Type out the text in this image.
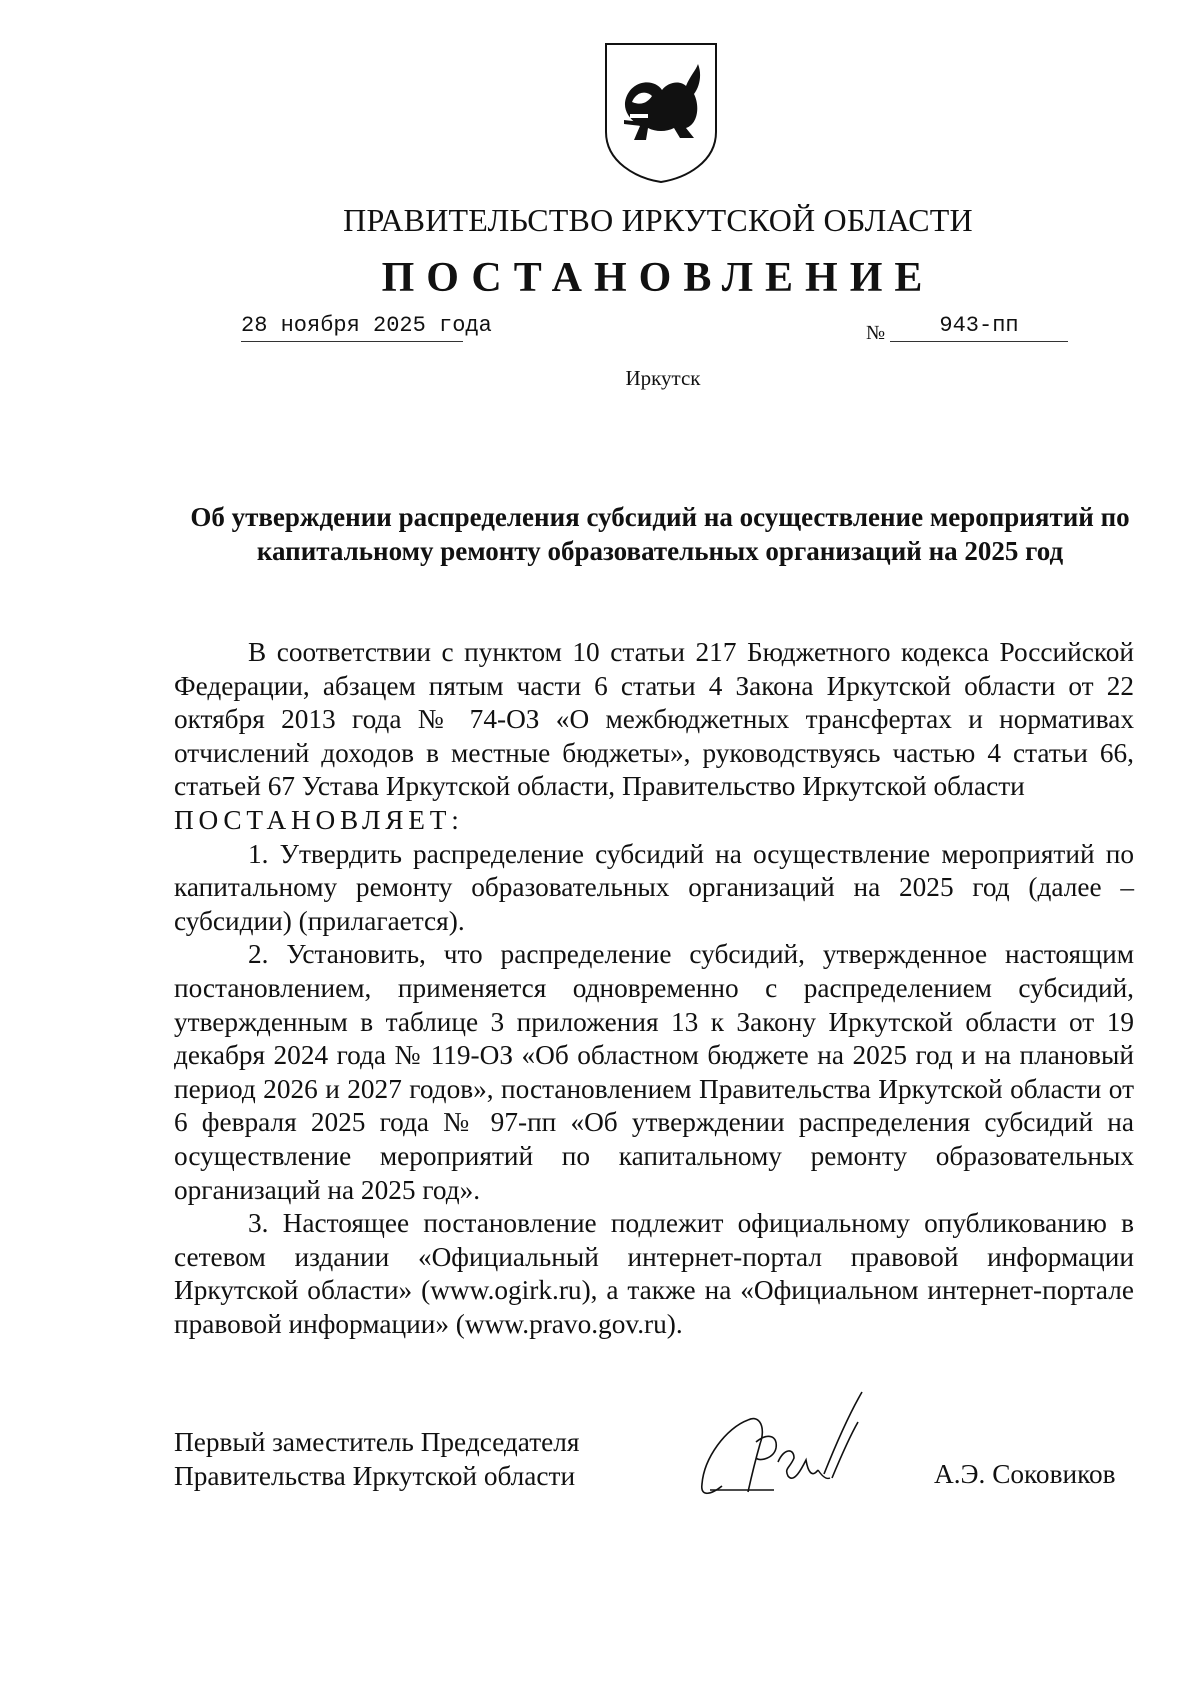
ПРАВИТЕЛЬСТВО ИРКУТСКОЙ ОБЛАСТИ
ПОСТАНОВЛЕНИЕ
28 ноября 2025 года	№	943-пп
Иркутск
Об утверждении распределения субсидий на осуществление мероприятий по капитальному ремонту образовательных организаций на 2025 год

В соответствии с пунктом 10 статьи 217 Бюджетного кодекса Российской Федерации, абзацем пятым части 6 статьи 4 Закона Иркутской области от 22 октября 2013 года № 74-ОЗ «О межбюджетных трансфертах и нормативах отчислений доходов в местные бюджеты», руководствуясь частью 4 статьи 66, статьей 67 Устава Иркутской области, Правительство Иркутской области

ПОСТАНОВЛЯЕТ:

1. Утвердить распределение субсидий на осуществление мероприятий по капитальному ремонту образовательных организаций на 2025 год (далее – субсидии) (прилагается).

2. Установить, что распределение субсидий, утвержденное настоящим постановлением, применяется одновременно с распределением субсидий, утвержденным в таблице 3 приложения 13 к Закону Иркутской области от 19 декабря 2024 года № 119-ОЗ «Об областном бюджете на 2025 год и на плановый период 2026 и 2027 годов», постановлением Правительства Иркутской области от 6 февраля 2025 года № 97-пп «Об утверждении распределения субсидий на осуществление мероприятий по капитальному ремонту образовательных организаций на 2025 год».

3. Настоящее постановление подлежит официальному опубликованию в сетевом издании «Официальный интернет-портал правовой информации Иркутской области» (www.ogirk.ru), а также на «Официальном интернет-портале правовой информации» (www.pravo.gov.ru).

Первый заместитель Председателя
Правительства Иркутской области	А.Э. Соковиков
